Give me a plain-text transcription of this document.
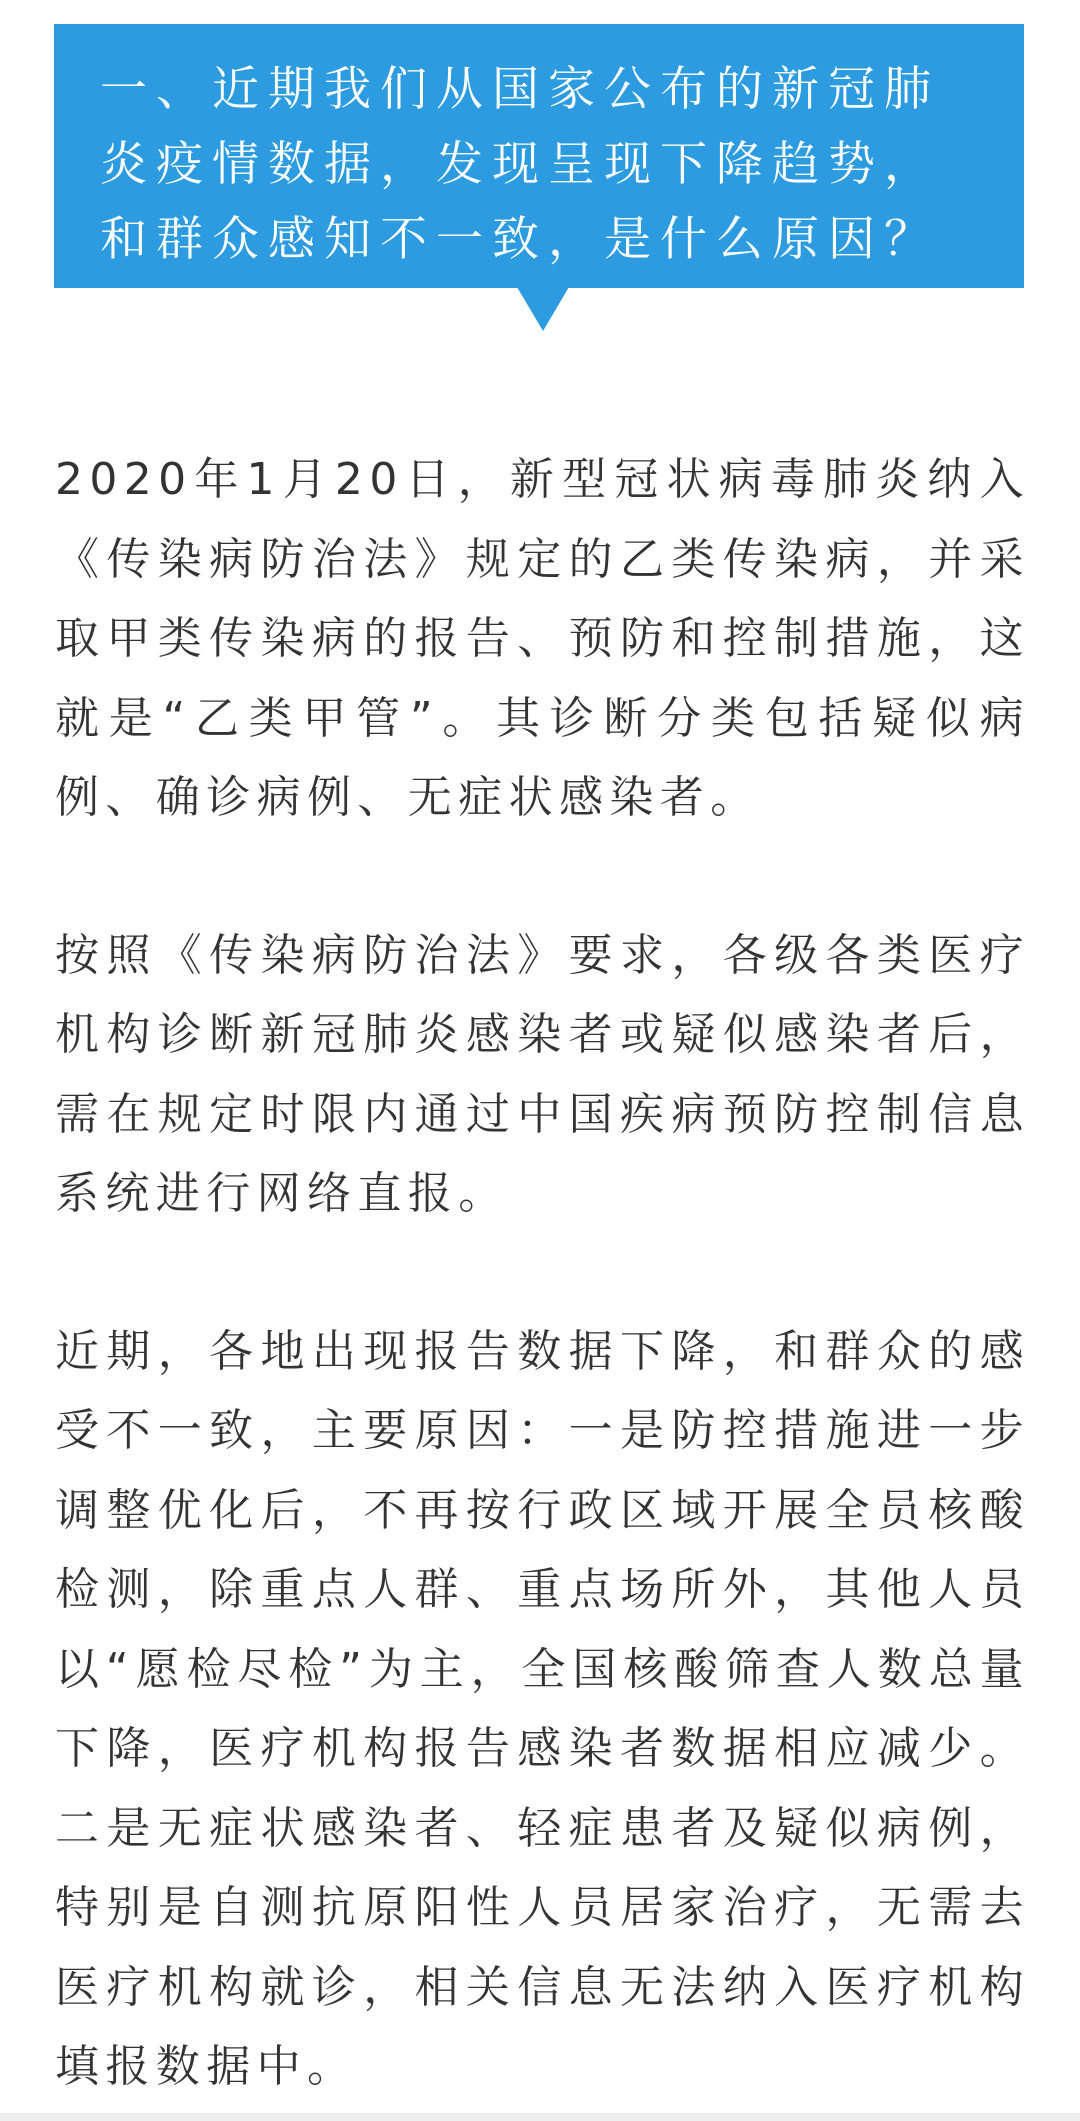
一、近期我们从国家公布的新冠肺炎疫情数据，发现呈现下降趋势，和群众感知不一致，是什么原因？

2020年1月20日，新型冠状病毒肺炎纳入《传染病防治法》规定的乙类传染病，并采取甲类传染病的报告、预防和控制措施，这就是“乙类甲管”。其诊断分类包括疑似病例、确诊病例、无症状感染者。

按照《传染病防治法》要求，各级各类医疗机构诊断新冠肺炎感染者或疑似感染者后，需在规定时限内通过中国疾病预防控制信息系统进行网络直报。

近期，各地出现报告数据下降，和群众的感受不一致，主要原因：一是防控措施进一步调整优化后，不再按行政区域开展全员核酸检测，除重点人群、重点场所外，其他人员以“愿检尽检”为主，全国核酸筛查人数总量下降，医疗机构报告感染者数据相应减少。二是无症状感染者、轻症患者及疑似病例，特别是自测抗原阳性人员居家治疗，无需去医疗机构就诊，相关信息无法纳入医疗机构填报数据中。
